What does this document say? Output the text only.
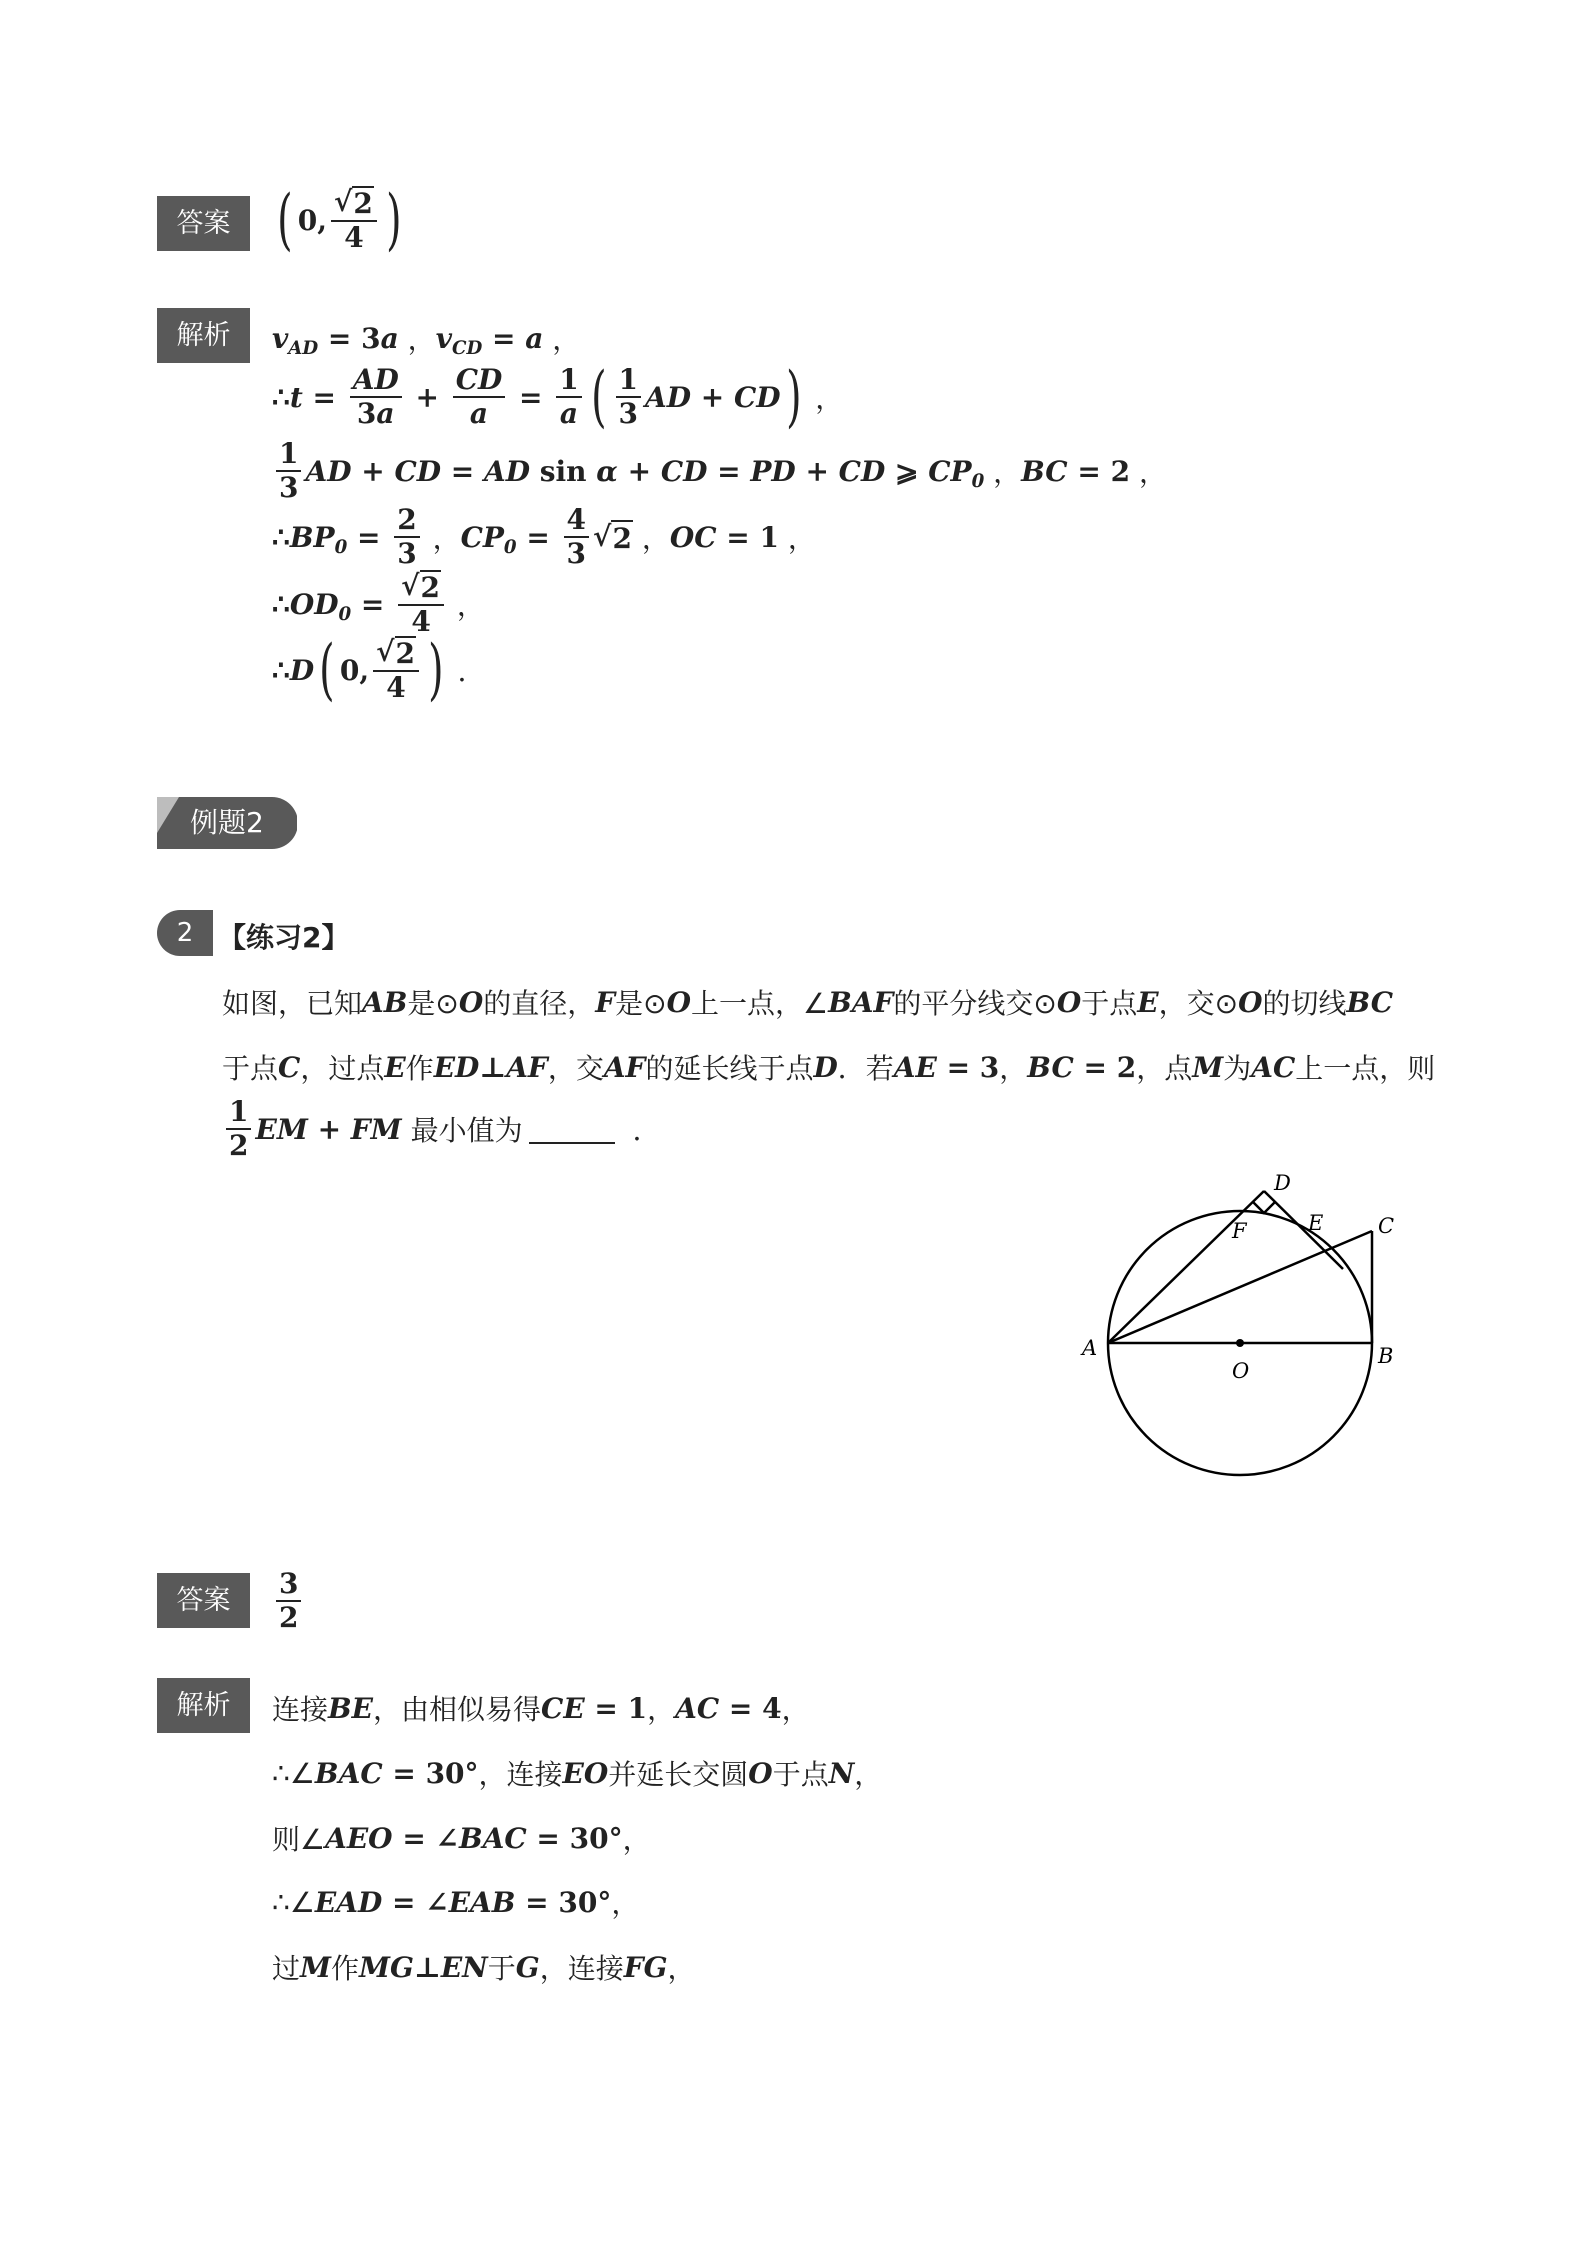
答案 ( 0, $\frac{√ 2}{4}$ )
解析	$v_{AD} = 3$ a ， $v_{CD} = a$ ，
∴ $t = \frac{AD}{3a} + \frac{CD}{a} = \frac{1}{a}$ ( $\frac{1}{3}$ AD + CD ) ，
$\frac{1}{3}$ AD + CD = AD sin α + CD = PD + CD ⩾ $CP_0$ ， BC = 2 ，
∴ $BP_0 = \frac{2}{3}$ ， $CP_0 = \frac{4}{3}$ √ 2 ， OC = 1 ，
∴ $OD_0 = \frac{√ 2}{4}$ ，
∴ D ( 0, $\frac{√ 2}{4}$ ) ．
例题2
2 【练习2】
如图，已知 AB 是⊙ O 的直径， F 是⊙ O 上一点，∠ BAF 的平分线交⊙ O 于点 E ，交⊙ O 的切线 BC
于点 C ，过点 E 作 ED ⊥ AF ，交 AF 的延长线于点 D ．若 AE = 3 ， BC = 2 ，点 M 为 AC 上一点，则
$\frac{1}{2}$ EM + FM
最小值为	．
D
F	E	C
A
O
B
答案	$\frac{3}{2}$
解析	连接 BE ，由相似易得 CE = 1 ， AC = 4 ，
∴∠ BAC = 30° ，连接 EO 并延长交圆 O 于点 N ，
则∠ AEO = ∠ BAC = 30° ，
∴∠ EAD = ∠ EAB = 30° ，
过 M 作 MG ⊥ EN 于 G ，连接 FG ，
